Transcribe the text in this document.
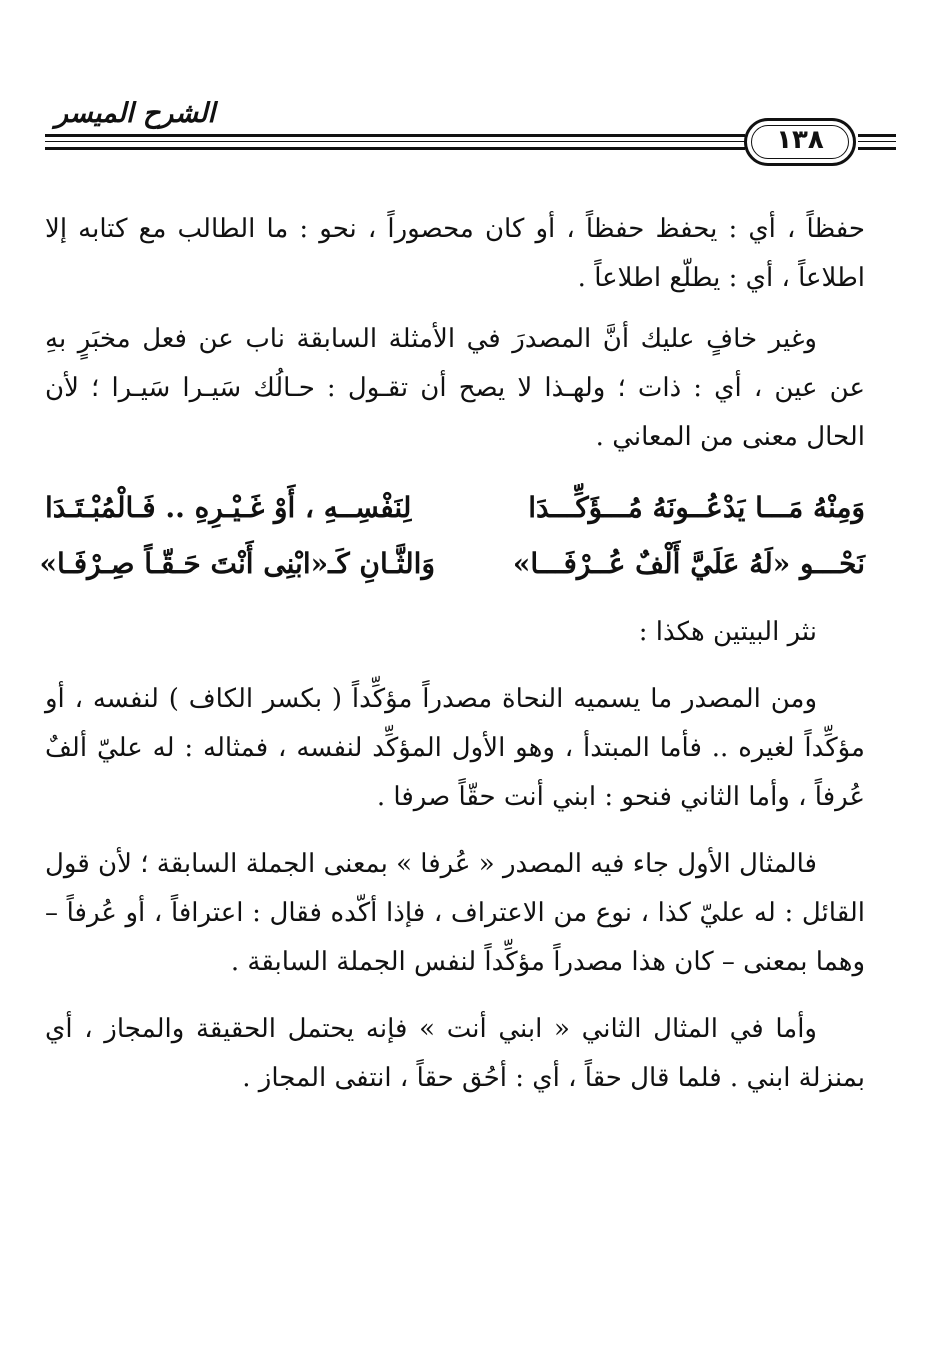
الشرح الميسر
١٣٨

حفظاً ، أي : يحفظ حفظاً ، أو كان محصوراً ، نحو : ما الطالب مع كتابه إلا اطلاعاً ، أي : يطلّع اطلاعاً .

وغير خافٍ عليك أنَّ المصدرَ في الأمثلة السابقة ناب عن فعل مخبَرٍ بهِ عن عين ، أي : ذات ؛ ولهـذا لا يصح أن تقـول : حـالُك سَيـرا سَيـرا ؛ لأن الحال معنى من المعاني .

وَمِنْهُ مَـــا يَدْعُــونَهُ مُـــؤَكِّـــدَا
لِنَفْسِــهِ ، أَوْ غَـيْـرِهِ .. فَـالْمُبْـتَـدَا
نَحْـــو «لَهُ عَلَيَّ أَلْفٌ عُــرْفَـــا»
وَالثَّـانِ كَـ«ابْنِى أَنْتَ حَـقّـاً صِـرْفَـا»

نثر البيتين هكذا :

ومن المصدر ما يسميه النحاة مصدراً مؤكِّداً ( بكسر الكاف ) لنفسه ، أو مؤكِّداً لغيره .. فأما المبتدأ ، وهو الأول المؤكِّد لنفسه ، فمثاله : له عليّ ألفٌ عُرفاً ، وأما الثاني فنحو : ابني أنت حقّاً صرفا .

فالمثال الأول جاء فيه المصدر « عُرفا » بمعنى الجملة السابقة ؛ لأن قول القائل : له عليّ كذا ، نوع من الاعتراف ، فإذا أكّده فقال : اعترافاً ، أو عُرفاً – وهما بمعنى – كان هذا مصدراً مؤكِّداً لنفس الجملة السابقة .

وأما في المثال الثاني « ابني أنت » فإنه يحتمل الحقيقة والمجاز ، أي بمنزلة ابني . فلما قال حقاً ، أي : أحُق حقاً ، انتفى المجاز .
